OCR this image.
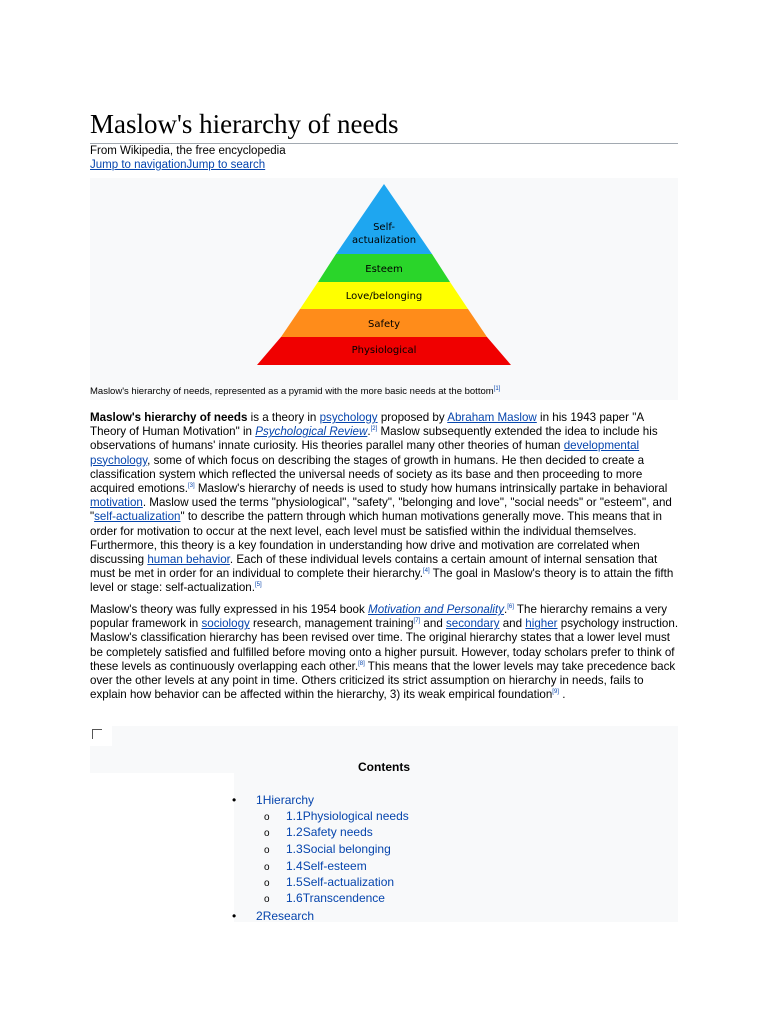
Maslow's hierarchy of needs
From Wikipedia, the free encyclopedia
Jump to navigationJump to search
Self-
actualization
Esteem
Love/belonging
Safety
Physiological
Maslow's hierarchy of needs, represented as a pyramid with the more basic needs at the bottom[1]
Maslow's hierarchy of needs is a theory in psychology proposed by Abraham Maslow in his 1943 paper "A Theory of Human Motivation" in Psychological Review.[2] Maslow subsequently extended the idea to include his observations of humans' innate curiosity. His theories parallel many other theories of human developmental psychology, some of which focus on describing the stages of growth in humans. He then decided to create a classification system which reflected the universal needs of society as its base and then proceeding to more acquired emotions.[3] Maslow's hierarchy of needs is used to study how humans intrinsically partake in behavioral motivation. Maslow used the terms "physiological", "safety", "belonging and love", "social needs" or "esteem", and "self-actualization" to describe the pattern through which human motivations generally move. This means that in order for motivation to occur at the next level, each level must be satisfied within the individual themselves. Furthermore, this theory is a key foundation in understanding how drive and motivation are correlated when discussing human behavior. Each of these individual levels contains a certain amount of internal sensation that must be met in order for an individual to complete their hierarchy.[4] The goal in Maslow's theory is to attain the fifth level or stage: self-actualization.[5]
Maslow's theory was fully expressed in his 1954 book Motivation and Personality.[6] The hierarchy remains a very popular framework in sociology research, management training[7] and secondary and higher psychology instruction. Maslow's classification hierarchy has been revised over time. The original hierarchy states that a lower level must be completely satisfied and fulfilled before moving onto a higher pursuit. However, today scholars prefer to think of these levels as continuously overlapping each other.[8] This means that the lower levels may take precedence back over the other levels at any point in time. Others criticized its strict assumption on hierarchy in needs, fails to explain how behavior can be affected within the hierarchy, 3) its weak empirical foundation[9] .
Contents
• 1Hierarchy
o 1.1Physiological needs
o 1.2Safety needs
o 1.3Social belonging
o 1.4Self-esteem
o 1.5Self-actualization
o 1.6Transcendence
• 2Research
